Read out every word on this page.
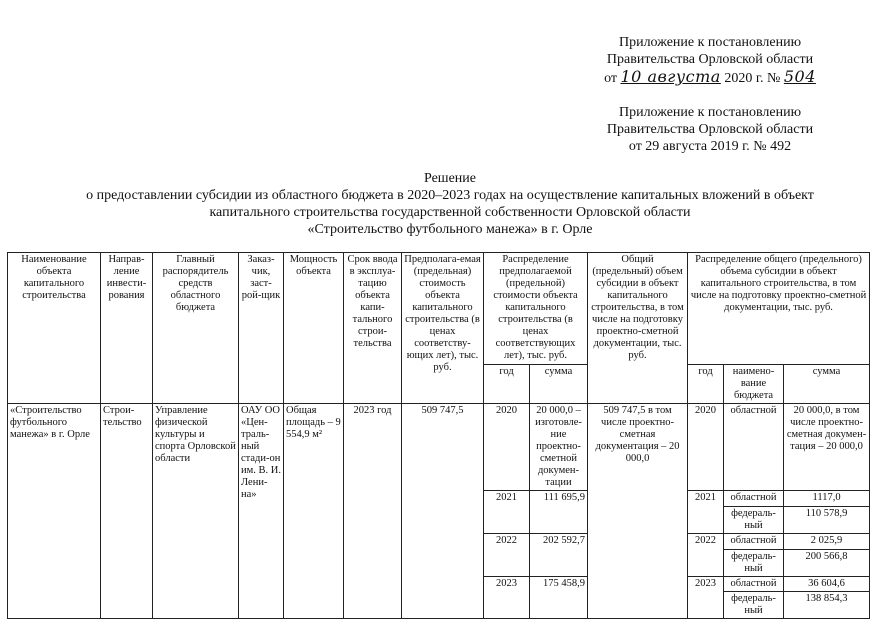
Приложение к постановлению
Правительства Орловской области
от 10 августа 2020 г. № 504
Приложение к постановлению
Правительства Орловской области
от 29 августа 2019 г. № 492
Решение
о предоставлении субсидии из областного бюджета в 2020–2023 годах на осуществление капитальных вложений в объект
капитального строительства государственной собственности Орловской области
«Строительство футбольного манежа» в г. Орле
Наименование объекта капитального строительства	Направ-ление инвести-рования	Главный распорядитель средств областного бюджета	Заказ-чик, заст-рой-щик	Мощность объекта	Срок ввода в эксплуа-тацию объекта капи-тального строи-тельства	Предполага-емая (предельная) стоимость объекта капитального строительства (в ценах соответству-ющих лет), тыс. руб.	Распределение предполагаемой (предельной) стоимости объекта капитального строительства (в ценах соответствующих лет), тыс. руб.		Общий (предельный) объем субсидии в объект капитального строительства, в том числе на подготовку проектно-сметной документации, тыс. руб.	Распределение общего (предельного) объема субсидии в объект капитального строительства, в том числе на подготовку проектно-сметной документации, тыс. руб.		
							год	сумма		год	наимено-вание бюджета	сумма
«Строительство футбольного манежа» в г. Орле	Строи-тельство	Управление физической культуры и спорта Орловской области	ОАУ ОО «Цен-траль-ный стади-он им. В. И. Лени-на»	Общая площадь – 9 554,9 м²	2023 год	509 747,5	2020	20 000,0 – изготовле-ние проектно-сметной докумен-тации	509 747,5 в том числе проектно-сметная документация – 20 000,0	2020	областной	20 000,0, в том числе проектно-сметная докумен-тация – 20 000,0
							2021	111 695,9		2021	областной	1117,0
											федераль-ный	110 578,9
							2022	202 592,7		2022	областной	2 025,9
											федераль-ный	200 566,8
							2023	175 458,9		2023	областной	36 604,6
											федераль-ный	138 854,3
